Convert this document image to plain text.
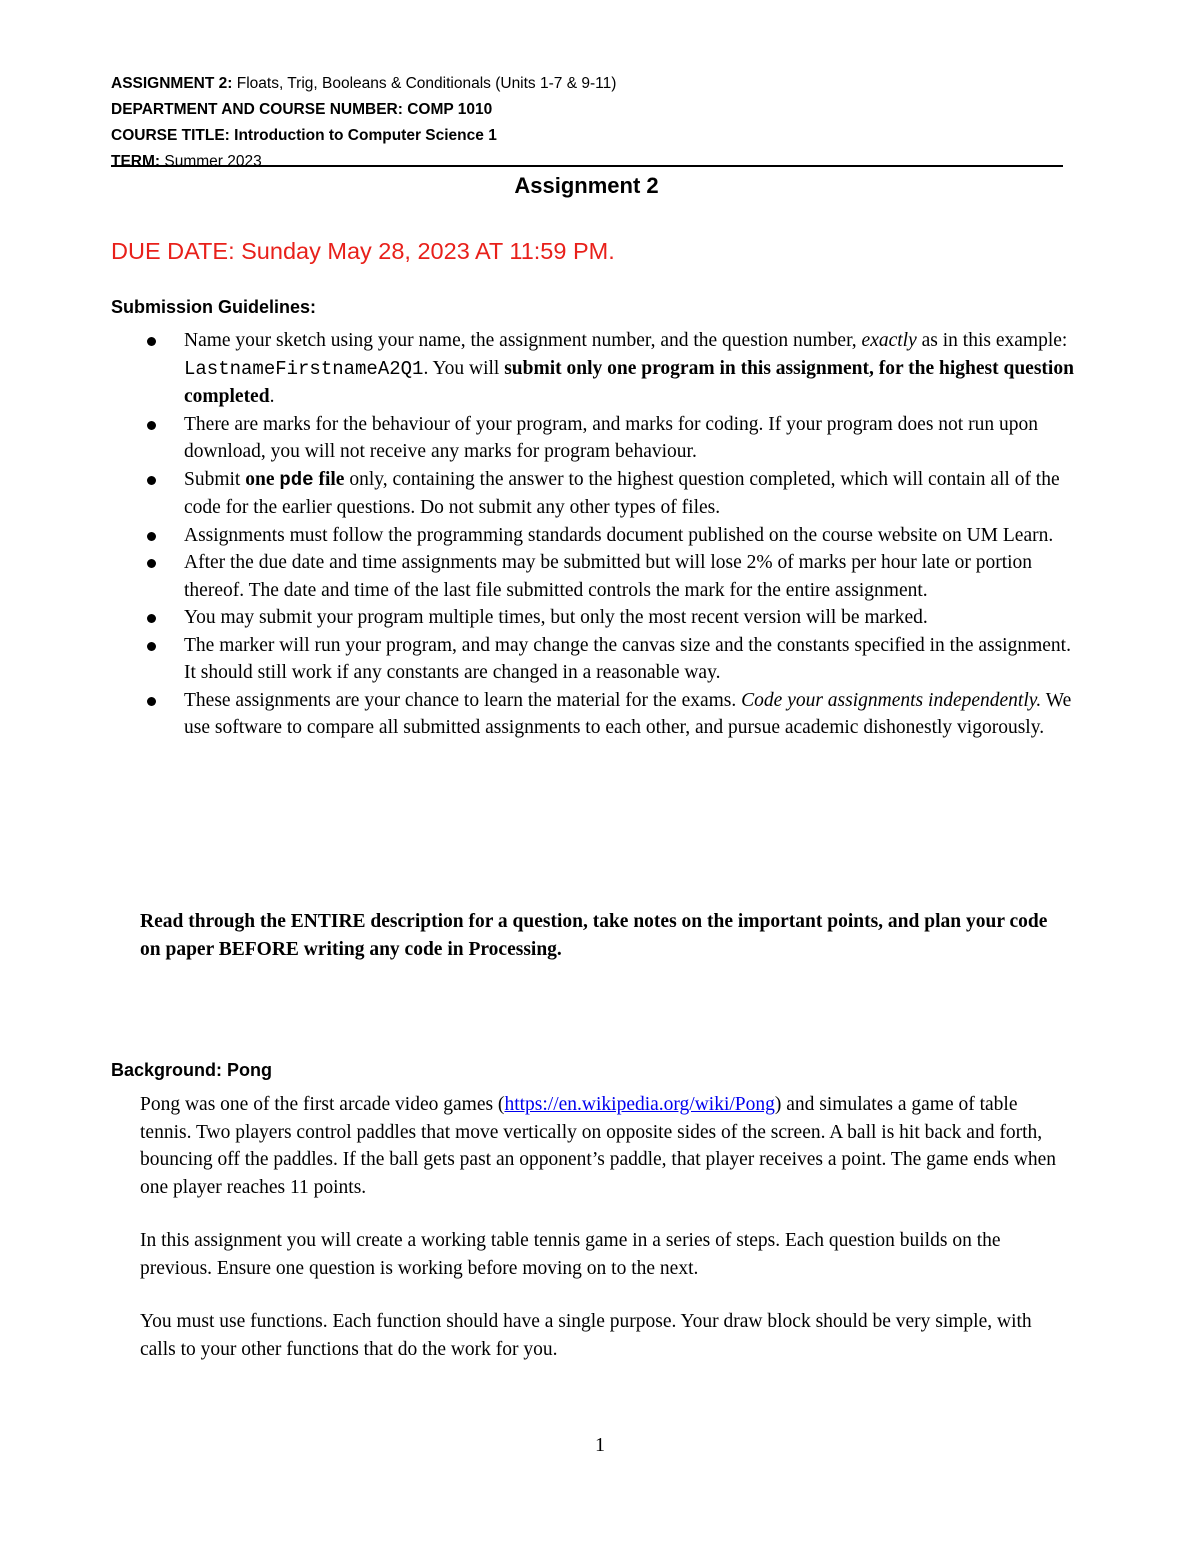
ASSIGNMENT 2: Floats, Trig, Booleans & Conditionals (Units 1-7 & 9-11)
DEPARTMENT AND COURSE NUMBER: COMP 1010
COURSE TITLE: Introduction to Computer Science 1
TERM: Summer 2023
Assignment 2
DUE DATE: Sunday May 28, 2023 AT 11:59 PM.
Submission Guidelines:
Name your sketch using your name, the assignment number, and the question number, exactly as in this example: LastnameFirstnameA2Q1. You will submit only one program in this assignment, for the highest question completed.
There are marks for the behaviour of your program, and marks for coding. If your program does not run upon download, you will not receive any marks for program behaviour.
Submit one pde file only, containing the answer to the highest question completed, which will contain all of the code for the earlier questions. Do not submit any other types of files.
Assignments must follow the programming standards document published on the course website on UM Learn.
After the due date and time assignments may be submitted but will lose 2% of marks per hour late or portion thereof. The date and time of the last file submitted controls the mark for the entire assignment.
You may submit your program multiple times, but only the most recent version will be marked.
The marker will run your program, and may change the canvas size and the constants specified in the assignment. It should still work if any constants are changed in a reasonable way.
These assignments are your chance to learn the material for the exams. Code your assignments independently. We use software to compare all submitted assignments to each other, and pursue academic dishonestly vigorously.
Read through the ENTIRE description for a question, take notes on the important points, and plan your code on paper BEFORE writing any code in Processing.
Background: Pong

Pong was one of the first arcade video games (https://en.wikipedia.org/wiki/Pong) and simulates a game of table tennis. Two players control paddles that move vertically on opposite sides of the screen. A ball is hit back and forth, bouncing off the paddles. If the ball gets past an opponent’s paddle, that player receives a point. The game ends when one player reaches 11 points.

In this assignment you will create a working table tennis game in a series of steps. Each question builds on the previous. Ensure one question is working before moving on to the next.

You must use functions. Each function should have a single purpose. Your draw block should be very simple, with calls to your other functions that do the work for you.

1
